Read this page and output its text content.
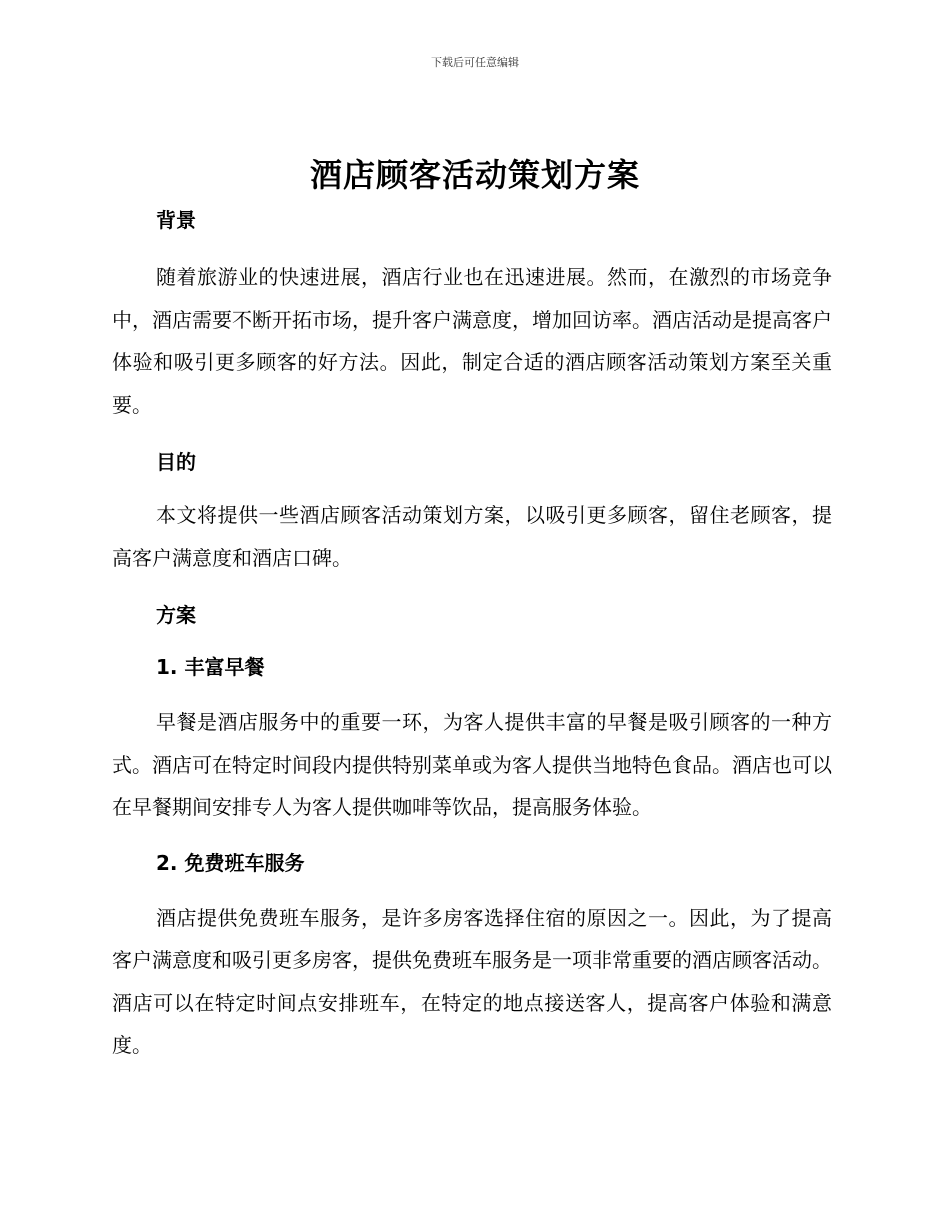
下载后可任意编辑
酒店顾客活动策划方案
背景

随着旅游业的快速进展，酒店行业也在迅速进展。然而，在激烈的市场竞争中，酒店需要不断开拓市场，提升客户满意度，增加回访率。酒店活动是提高客户体验和吸引更多顾客的好方法。因此，制定合适的酒店顾客活动策划方案至关重要。

目的

本文将提供一些酒店顾客活动策划方案，以吸引更多顾客，留住老顾客，提高客户满意度和酒店口碑。

方案
1. 丰富早餐

早餐是酒店服务中的重要一环，为客人提供丰富的早餐是吸引顾客的一种方式。酒店可在特定时间段内提供特别菜单或为客人提供当地特色食品。酒店也可以在早餐期间安排专人为客人提供咖啡等饮品，提高服务体验。

2. 免费班车服务

酒店提供免费班车服务，是许多房客选择住宿的原因之一。因此，为了提高客户满意度和吸引更多房客，提供免费班车服务是一项非常重要的酒店顾客活动。酒店可以在特定时间点安排班车，在特定的地点接送客人，提高客户体验和满意度。
